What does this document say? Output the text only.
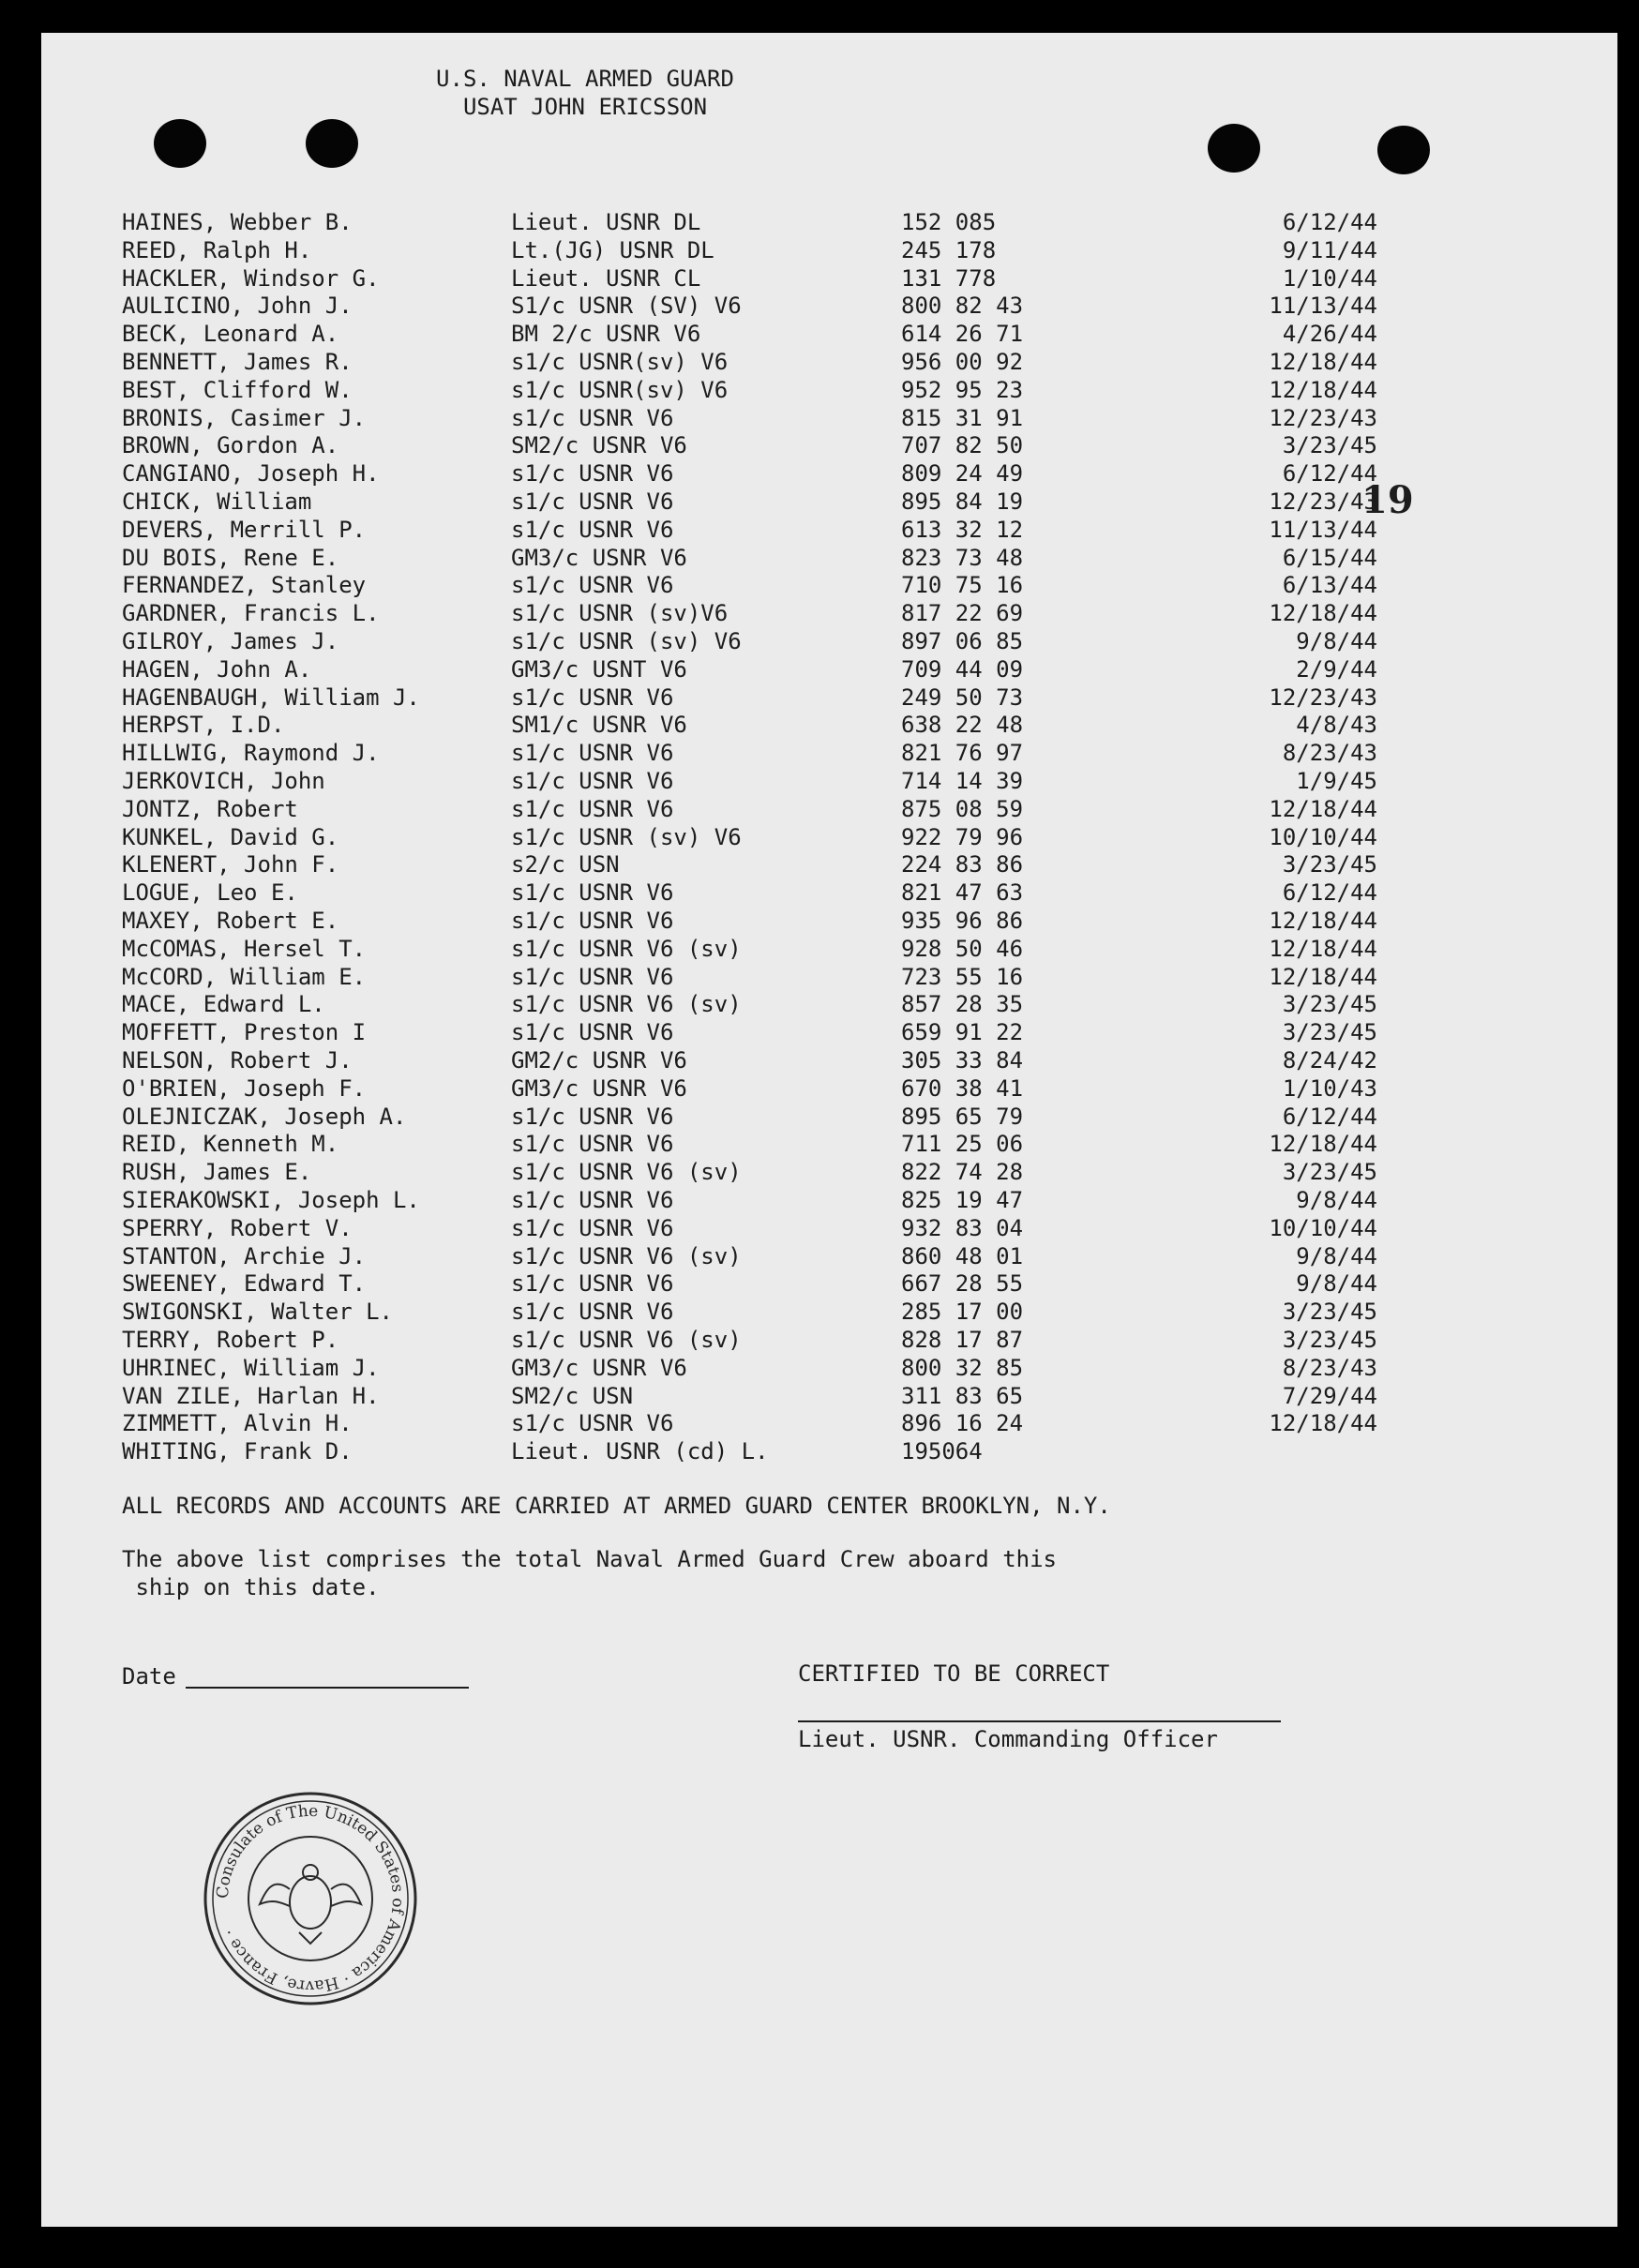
U.S. NAVAL ARMED GUARD
USAT JOHN ERICSSON
19
HAINES, Webber B.	Lieut. USNR DL	152 085	6/12/44
REED, Ralph H.	Lt.(JG) USNR DL	245 178	9/11/44
HACKLER, Windsor G.	Lieut. USNR CL	131 778	1/10/44
AULICINO, John J.	S1/c USNR (SV) V6	800 82 43	11/13/44
BECK, Leonard A.	BM 2/c USNR V6	614 26 71	4/26/44
BENNETT, James R.	s1/c USNR(sv) V6	956 00 92	12/18/44
BEST, Clifford W.	s1/c USNR(sv) V6	952 95 23	12/18/44
BRONIS, Casimer J.	s1/c USNR V6	815 31 91	12/23/43
BROWN, Gordon A.	SM2/c USNR V6	707 82 50	3/23/45
CANGIANO, Joseph H.	s1/c USNR V6	809 24 49	6/12/44
CHICK, William	s1/c USNR V6	895 84 19	12/23/43
DEVERS, Merrill P.	s1/c USNR V6	613 32 12	11/13/44
DU BOIS, Rene E.	GM3/c USNR V6	823 73 48	6/15/44
FERNANDEZ, Stanley	s1/c USNR V6	710 75 16	6/13/44
GARDNER, Francis L.	s1/c USNR (sv)V6	817 22 69	12/18/44
GILROY, James J.	s1/c USNR (sv) V6	897 06 85	9/8/44
HAGEN, John A.	GM3/c USNT V6	709 44 09	2/9/44
HAGENBAUGH, William J.	s1/c USNR V6	249 50 73	12/23/43
HERPST, I.D.	SM1/c USNR V6	638 22 48	4/8/43
HILLWIG, Raymond J.	s1/c USNR V6	821 76 97	8/23/43
JERKOVICH, John	s1/c USNR V6	714 14 39	1/9/45
JONTZ, Robert	s1/c USNR V6	875 08 59	12/18/44
KUNKEL, David G.	s1/c USNR (sv) V6	922 79 96	10/10/44
KLENERT, John F.	s2/c USN	224 83 86	3/23/45
LOGUE, Leo E.	s1/c USNR V6	821 47 63	6/12/44
MAXEY, Robert E.	s1/c USNR V6	935 96 86	12/18/44
McCOMAS, Hersel T.	s1/c USNR V6 (sv)	928 50 46	12/18/44
McCORD, William E.	s1/c USNR V6	723 55 16	12/18/44
MACE, Edward L.	s1/c USNR V6 (sv)	857 28 35	3/23/45
MOFFETT, Preston I	s1/c USNR V6	659 91 22	3/23/45
NELSON, Robert J.	GM2/c USNR V6	305 33 84	8/24/42
O'BRIEN, Joseph F.	GM3/c USNR V6	670 38 41	1/10/43
OLEJNICZAK, Joseph A.	s1/c USNR V6	895 65 79	6/12/44
REID, Kenneth M.	s1/c USNR V6	711 25 06	12/18/44
RUSH, James E.	s1/c USNR V6 (sv)	822 74 28	3/23/45
SIERAKOWSKI, Joseph L.	s1/c USNR V6	825 19 47	9/8/44
SPERRY, Robert V.	s1/c USNR V6	932 83 04	10/10/44
STANTON, Archie J.	s1/c USNR V6 (sv)	860 48 01	9/8/44
SWEENEY, Edward T.	s1/c USNR V6	667 28 55	9/8/44
SWIGONSKI, Walter L.	s1/c USNR V6	285 17 00	3/23/45
TERRY, Robert P.	s1/c USNR V6 (sv)	828 17 87	3/23/45
UHRINEC, William J.	GM3/c USNR V6	800 32 85	8/23/43
VAN ZILE, Harlan H.	SM2/c USN	311 83 65	7/29/44
ZIMMETT, Alvin H.	s1/c USNR V6	896 16 24	12/18/44
WHITING, Frank D.	Lieut. USNR (cd) L.	195064
ALL RECORDS AND ACCOUNTS ARE CARRIED AT ARMED GUARD CENTER BROOKLYN, N.Y.
The above list comprises the total Naval Armed Guard Crew aboard this
ship on this date.
Date	CERTIFIED TO BE CORRECT
Lieut. USNR. Commanding Officer
Consulate of The United States of America · Havre, France ·
